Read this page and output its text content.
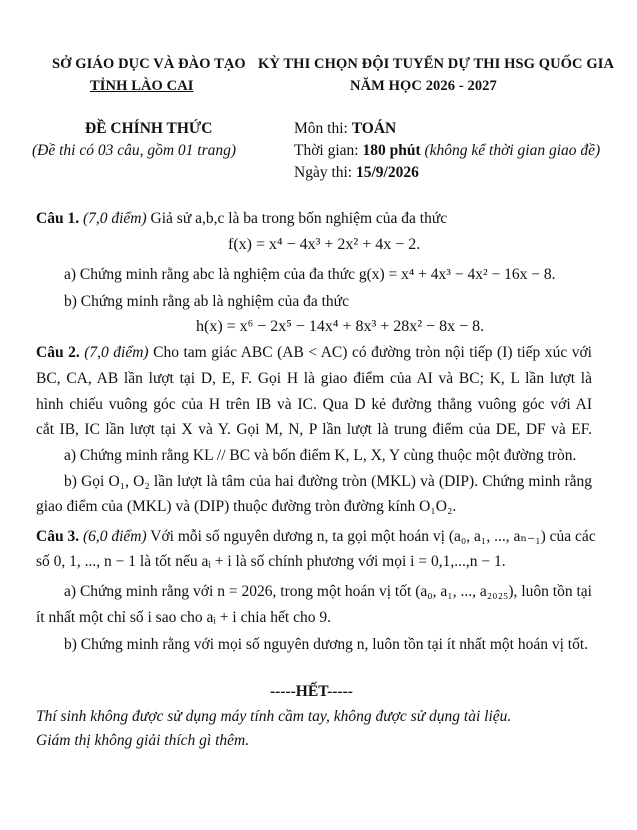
SỞ GIÁO DỤC VÀ ĐÀO TẠO
TỈNH LÀO CAI
KỲ THI CHỌN ĐỘI TUYỂN DỰ THI HSG QUỐC GIA
NĂM HỌC 2026 - 2027
ĐỀ CHÍNH THỨC
(Đề thi có 03 câu, gồm 01 trang)
Môn thi: TOÁN
Thời gian: 180 phút (không kể thời gian giao đề)
Ngày thi: 15/9/2026
Câu 1. (7,0 điểm) Giả sử a,b,c là ba trong bốn nghiệm của đa thức
f(x) = x⁴ − 4x³ + 2x² + 4x − 2.
a) Chứng minh rằng abc là nghiệm của đa thức g(x) = x⁴ + 4x³ − 4x² − 16x − 8.
b) Chứng minh rằng ab là nghiệm của đa thức
h(x) = x⁶ − 2x⁵ − 14x⁴ + 8x³ + 28x² − 8x − 8.
Câu 2. (7,0 điểm) Cho tam giác ABC (AB < AC) có đường tròn nội tiếp (I) tiếp xúc với
BC, CA, AB lần lượt tại D, E, F. Gọi H là giao điểm của AI và BC; K, L lần lượt là
hình chiếu vuông góc của H trên IB và IC. Qua D kẻ đường thẳng vuông góc với AI
cắt IB, IC lần lượt tại X và Y. Gọi M, N, P lần lượt là trung điểm của DE, DF và EF.
a) Chứng minh rằng KL // BC và bốn điểm K, L, X, Y cùng thuộc một đường tròn.
b) Gọi O₁, O₂ lần lượt là tâm của hai đường tròn (MKL) và (DIP). Chứng minh rằng
giao điểm của (MKL) và (DIP) thuộc đường tròn đường kính O₁O₂.
Câu 3. (6,0 điểm) Với mỗi số nguyên dương n, ta gọi một hoán vị (a₀, a₁, ..., aₙ₋₁) của các
số 0, 1, ..., n − 1 là tốt nếu aᵢ + i là số chính phương với mọi i = 0,1,...,n − 1.
a) Chứng minh rằng với n = 2026, trong một hoán vị tốt (a₀, a₁, ..., a₂₀₂₅), luôn tồn tại
ít nhất một chỉ số i sao cho aᵢ + i chia hết cho 9.
b) Chứng minh rằng với mọi số nguyên dương n, luôn tồn tại ít nhất một hoán vị tốt.
-----HẾT-----
Thí sinh không được sử dụng máy tính cầm tay, không được sử dụng tài liệu.
Giám thị không giải thích gì thêm.
